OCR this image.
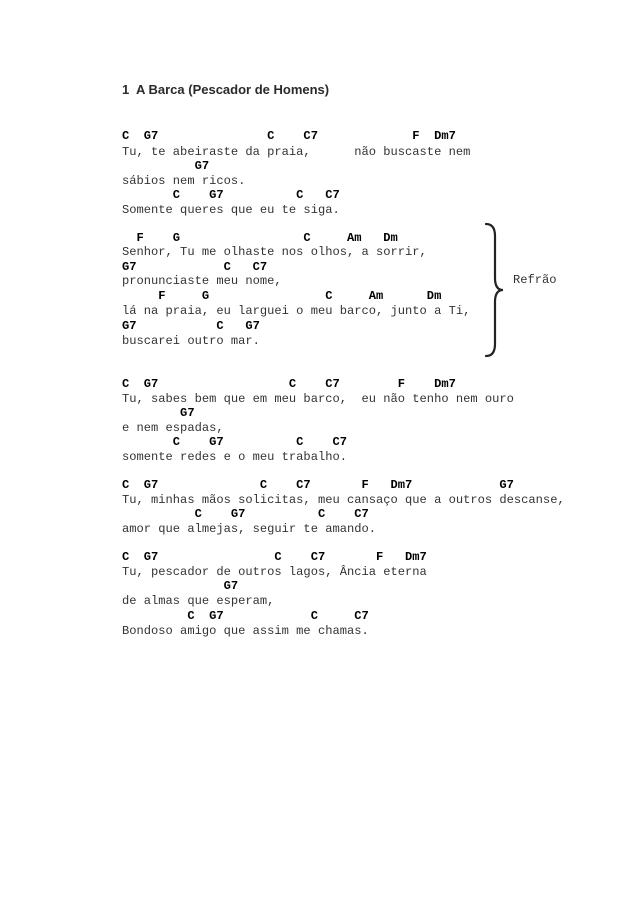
1  A Barca (Pescador de Homens)
C  G7               C    C7             F  Dm7
Tu, te abeiraste da praia,      não buscaste nem
G7
sábios nem ricos.
C    G7          C   C7
Somente queres que eu te siga.
F    G                 C     Am   Dm
Senhor, Tu me olhaste nos olhos, a sorrir,
G7            C   C7
pronunciaste meu nome,
F     G                C     Am      Dm
lá na praia, eu larguei o meu barco, junto a Ti,
G7           C   G7
buscarei outro mar.
C  G7                  C    C7        F    Dm7
Tu, sabes bem que em meu barco,  eu não tenho nem ouro
G7
e nem espadas,
C    G7          C    C7
somente redes e o meu trabalho.
C  G7              C    C7       F   Dm7            G7
Tu, minhas mãos solicitas, meu cansaço que a outros descanse,
C    G7          C    C7
amor que almejas, seguir te amando.
C  G7                C    C7       F   Dm7
Tu, pescador de outros lagos, Ância eterna
G7
de almas que esperam,
C  G7            C     C7
Bondoso amigo que assim me chamas.
Refrão
